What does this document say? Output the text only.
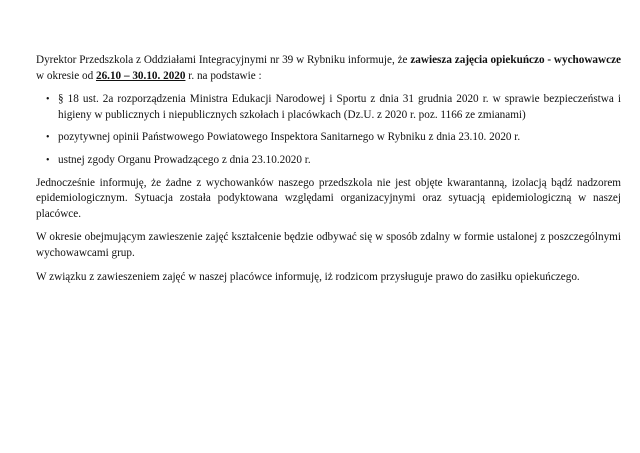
Dyrektor Przedszkola z Oddziałami Integracyjnymi nr 39 w Rybniku informuje, że zawiesza zajęcia opiekuńczo - wychowawcze w okresie od 26.10 – 30.10. 2020 r. na podstawie :

• § 18 ust. 2a rozporządzenia Ministra Edukacji Narodowej i Sportu z dnia 31 grudnia 2020 r. w sprawie bezpieczeństwa i higieny w publicznych i niepublicznych szkołach i placówkach (Dz.U. z 2020 r. poz. 1166 ze zmianami)
• pozytywnej opinii Państwowego Powiatowego Inspektora Sanitarnego w Rybniku z dnia 23.10. 2020 r.
• ustnej zgody Organu Prowadzącego z dnia 23.10.2020 r.

Jednocześnie informuję, że żadne z wychowanków naszego przedszkola nie jest objęte kwarantanną, izolacją bądź nadzorem epidemiologicznym. Sytuacja została podyktowana względami organizacyjnymi oraz sytuacją epidemiologiczną w naszej placówce.

W okresie obejmującym zawieszenie zajęć kształcenie będzie odbywać się w sposób zdalny w formie ustalonej z poszczególnymi wychowawcami grup.

W związku z zawieszeniem zajęć w naszej placówce informuję, iż rodzicom przysługuje prawo do zasiłku opiekuńczego.
